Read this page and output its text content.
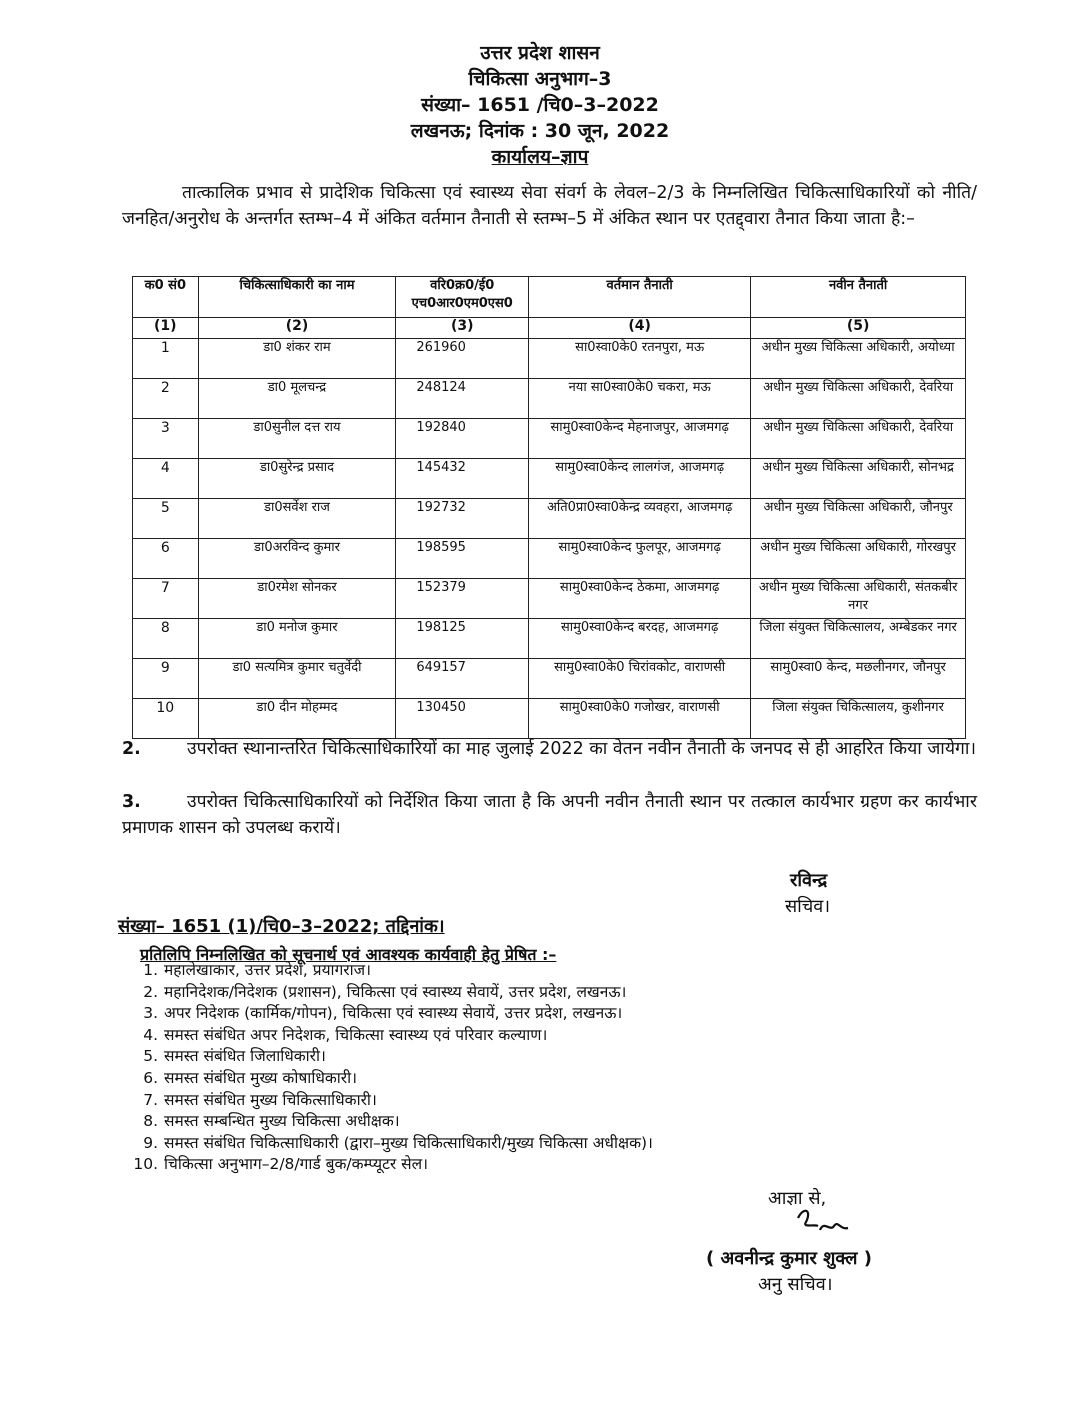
उत्तर प्रदेश शासन
चिकित्सा अनुभाग–3
संख्या– 1651 /चि0–3–2022
लखनऊ; दिनांक : 30 जून, 2022
कार्यालय–ज्ञाप
तात्कालिक प्रभाव से प्रादेशिक चिकित्सा एवं स्वास्थ्य सेवा संवर्ग के लेवल–2/3 के निम्नलिखित चिकित्साधिकारियों को नीति/जनहित/अनुरोध के अन्तर्गत स्तम्भ–4 में अंकित वर्तमान तैनाती से स्तम्भ–5 में अंकित स्थान पर एतद्द्वारा तैनात किया जाता है:–
क0 सं0	चिकित्साधिकारी का नाम	वरि0क्र0/ई0 एच0आर0एम0एस0	वर्तमान तैनाती	नवीन तैनाती
(1)	(2)	(3)	(4)	(5)
1	डा0 शंकर राम	261960	सा0स्वा0के0 रतनपुरा, मऊ	अधीन मुख्य चिकित्सा अधिकारी, अयोध्या
2	डा0 मूलचन्द्र	248124	नया सा0स्वा0के0 चकरा, मऊ	अधीन मुख्य चिकित्सा अधिकारी, देवरिया
3	डा0सुनील दत्त राय	192840	सामु0स्वा0केन्द मेहनाजपुर, आजमगढ़	अधीन मुख्य चिकित्सा अधिकारी, देवरिया
4	डा0सुरेन्द्र प्रसाद	145432	सामु0स्वा0केन्द लालगंज, आजमगढ़	अधीन मुख्य चिकित्सा अधिकारी, सोनभद्र
5	डा0सर्वेश राज	192732	अति0प्रा0स्वा0केन्द्र व्यवहरा, आजमगढ़	अधीन मुख्य चिकित्सा अधिकारी, जौनपुर
6	डा0अरविन्द कुमार	198595	सामु0स्वा0केन्द फुलपूर, आजमगढ़	अधीन मुख्य चिकित्सा अधिकारी, गोरखपुर
7	डा0रमेश सोनकर	152379	सामु0स्वा0केन्द ठेकमा, आजमगढ़	अधीन मुख्य चिकित्सा अधिकारी, संतकबीर नगर
8	डा0 मनोज कुमार	198125	सामु0स्वा0केन्द बरदह, आजमगढ़	जिला संयुक्त चिकित्सालय, अम्बेडकर नगर
9	डा0 सत्यमित्र कुमार चतुर्वेदी	649157	सामु0स्वा0के0 चिरांवकोट, वाराणसी	सामु0स्वा0 केन्द, मछलीनगर, जौनपुर
10	डा0 दीन मोहम्मद	130450	सामु0स्वा0के0 गजोखर, वाराणसी	जिला संयुक्त चिकित्सालय, कुशीनगर
2.	उपरोक्त स्थानान्तरित चिकित्साधिकारियों का माह जुलाई 2022 का वेतन नवीन तैनाती के जनपद से ही आहरित किया जायेगा।
3.	उपरोक्त चिकित्साधिकारियों को निर्देशित किया जाता है कि अपनी नवीन तैनाती स्थान पर तत्काल कार्यभार ग्रहण कर कार्यभार प्रमाणक शासन को उपलब्ध करायें।
रविन्द्र
सचिव।
संख्या– 1651 (1)/चि0–3–2022; तद्दिनांक।
प्रतिलिपि निम्नलिखित को सूचनार्थ एवं आवश्यक कार्यवाही हेतु प्रेषित :–
1. महालेखाकार, उत्तर प्रदेश, प्रयागराज।
2. महानिदेशक/निदेशक (प्रशासन), चिकित्सा एवं स्वास्थ्य सेवायें, उत्तर प्रदेश, लखनऊ।
3. अपर निदेशक (कार्मिक/गोपन), चिकित्सा एवं स्वास्थ्य सेवायें, उत्तर प्रदेश, लखनऊ।
4. समस्त संबंधित अपर निदेशक, चिकित्सा स्वास्थ्य एवं परिवार कल्याण।
5. समस्त संबंधित जिलाधिकारी।
6. समस्त संबंधित मुख्य कोषाधिकारी।
7. समस्त संबंधित मुख्य चिकित्साधिकारी।
8. समस्त सम्बन्धित मुख्य चिकित्सा अधीक्षक।
9. समस्त संबंधित चिकित्साधिकारी (द्वारा–मुख्य चिकित्साधिकारी/मुख्य चिकित्सा अधीक्षक)।
10. चिकित्सा अनुभाग–2/8/गार्ड बुक/कम्प्यूटर सेल।
आज्ञा से,
( अवनीन्द्र कुमार शुक्ल )
अनु सचिव।
